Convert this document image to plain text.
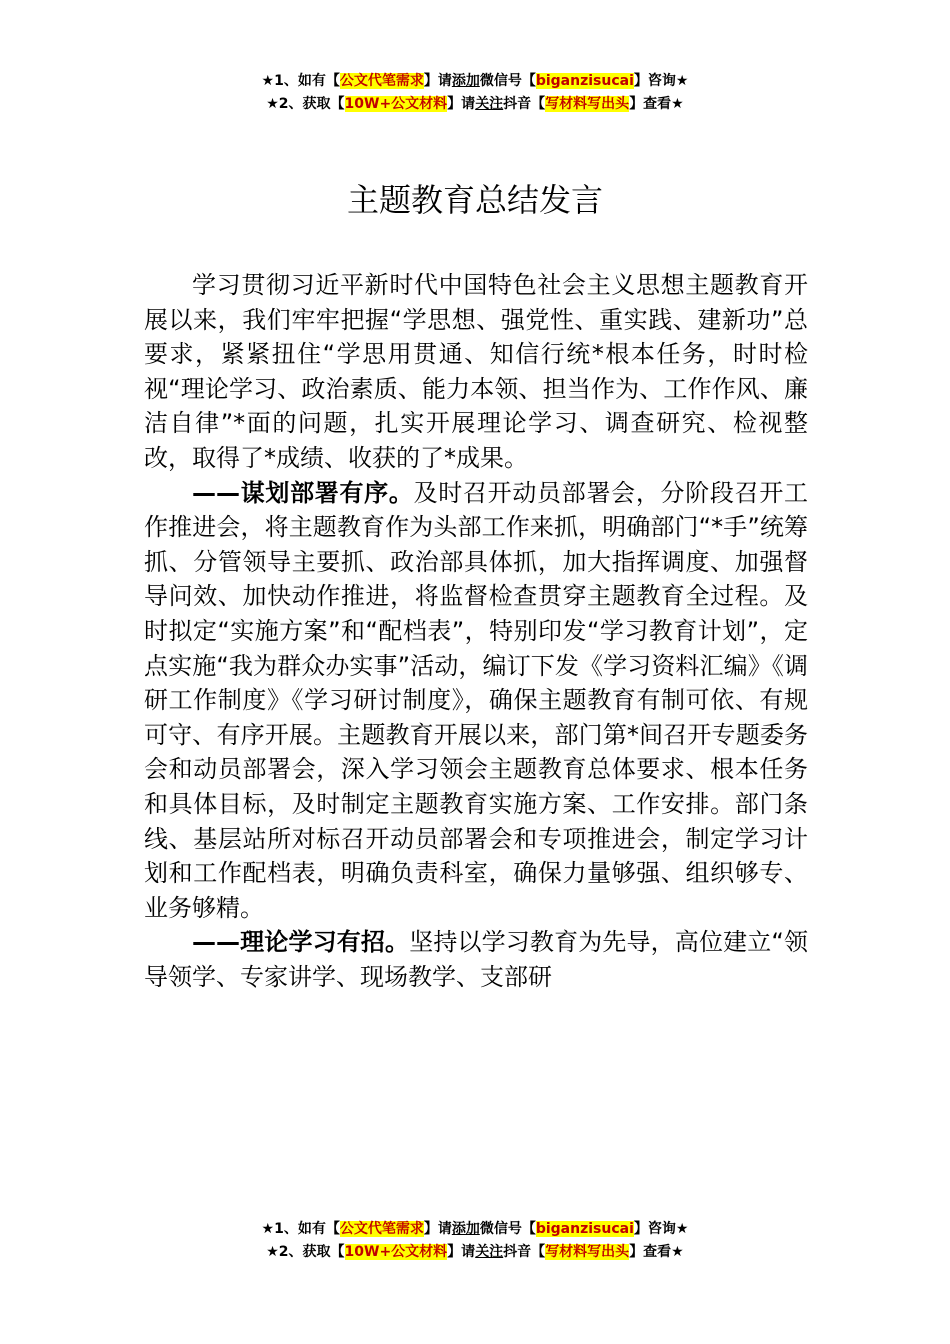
★1、如有【公文代笔需求】请添加微信号【biganzisucai】咨询★
★2、获取【10W+公文材料】请关注抖音【写材料写出头】查看★
主题教育总结发言

学习贯彻习近平新时代中国特色社会主义思想主题教育开展以来，我们牢牢把握“学思想、强党性、重实践、建新功”总要求，紧紧扭住“学思用贯通、知信行统*根本任务，时时检视“理论学习、政治素质、能力本领、担当作为、工作作风、廉洁自律”*面的问题，扎实开展理论学习、调查研究、检视整改，取得了*成绩、收获的了*成果。

——谋划部署有序。及时召开动员部署会，分阶段召开工作推进会，将主题教育作为头部工作来抓，明确部门“*手”统筹抓、分管领导主要抓、政治部具体抓，加大指挥调度、加强督导问效、加快动作推进，将监督检查贯穿主题教育全过程。及时拟定“实施方案”和“配档表”，特别印发“学习教育计划”，定点实施“我为群众办实事”活动，编订下发《学习资料汇编》《调研工作制度》《学习研讨制度》，确保主题教育有制可依、有规可守、有序开展。主题教育开展以来，部门第*间召开专题委务会和动员部署会，深入学习领会主题教育总体要求、根本任务和具体目标，及时制定主题教育实施方案、工作安排。部门条线、基层站所对标召开动员部署会和专项推进会，制定学习计划和工作配档表，明确负责科室，确保力量够强、组织够专、业务够精。

——理论学习有招。坚持以学习教育为先导，高位建立“领导领学、专家讲学、现场教学、支部研

★1、如有【公文代笔需求】请添加微信号【biganzisucai】咨询★
★2、获取【10W+公文材料】请关注抖音【写材料写出头】查看★
